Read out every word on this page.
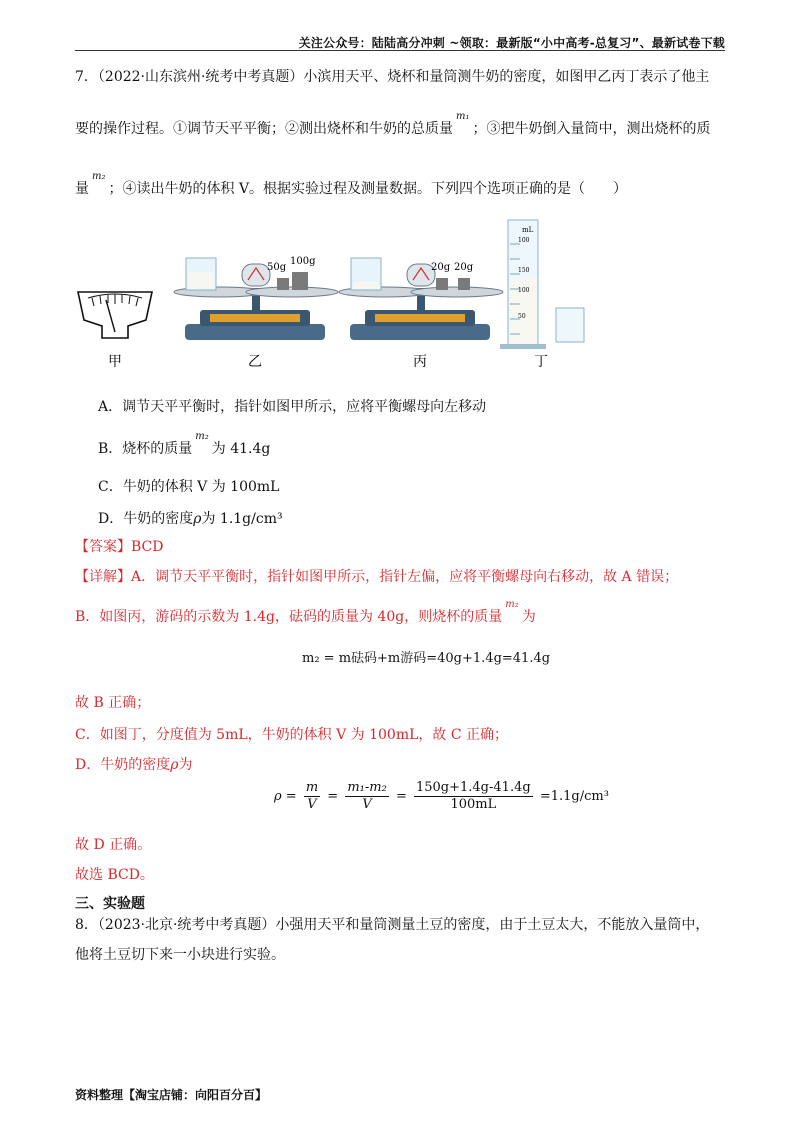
关注公众号：陆陆高分冲刺 ~领取：最新版“小中高考-总复习”、最新试卷下载
7．（2022·山东滨州·统考中考真题）小滨用天平、烧杯和量筒测牛奶的密度，如图甲乙丙丁表示了他主
要的操作过程。①调节天平平衡；②测出烧杯和牛奶的总质量$^{m_1}$；③把牛奶倒入量筒中，测出烧杯的质
量$^{m_2}$；④读出牛奶的体积 V。根据实验过程及测量数据。下列四个选项正确的是（　　）
50g
100g
20g 20g
mL
100
150
100
50
甲	乙	丙	丁
A．调节天平平衡时，指针如图甲所示，应将平衡螺母向左移动
B．烧杯的质量$^{m_2}$为 41.4g
C．牛奶的体积 V 为 100mL
D．牛奶的密度ρ为 1.1g/cm³
【答案】BCD
【详解】A．调节天平平衡时，指针如图甲所示，指针左偏，应将平衡螺母向右移动，故 A 错误；
B．如图丙，游码的示数为 1.4g，砝码的质量为 40g，则烧杯的质量$^{m_2}$为
m₂ = m砝码+m游码=40g+1.4g=41.4g
故 B 正确；
C．如图丁，分度值为 5mL，牛奶的体积 V 为 100mL，故 C 正确；
D．牛奶的密度ρ为
$\rho = \frac{m}{V} = \frac{\text{m₁-m₂}}{V} = \frac{150g+1.4g-41.4g}{100mL} =1.1g/cm^3$
故 D 正确。
故选 BCD。
三、实验题
8．（2023·北京·统考中考真题）小强用天平和量筒测量土豆的密度，由于土豆太大，不能放入量筒中，
他将土豆切下来一小块进行实验。
资料整理【淘宝店铺：向阳百分百】
